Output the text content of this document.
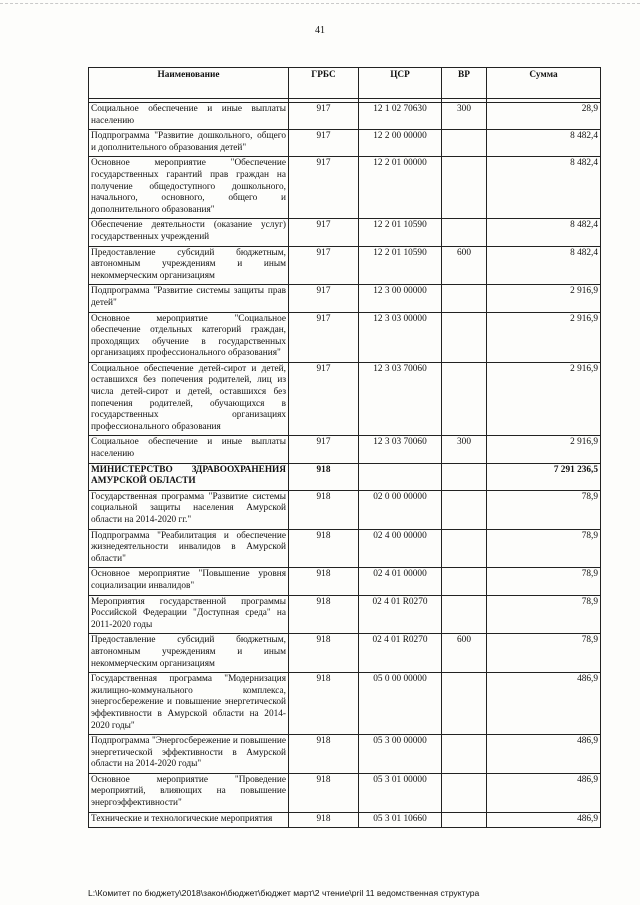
41
Наименование	ГРБС	ЦСР	ВР	Сумма

Социальное обеспечение и иные выплаты населению	917	12 1 02 70630	300	28,9
Подпрограмма "Развитие дошкольного, общего и дополнительного образования детей"	917	12 2 00 00000		8 482,4
Основное мероприятие "Обеспечение государственных гарантий прав граждан на получение общедоступного дошкольного, начального, основного, общего и дополнительного образования"	917	12 2 01 00000		8 482,4
Обеспечение деятельности (оказание услуг) государственных учреждений	917	12 2 01 10590		8 482,4
Предоставление субсидий бюджетным, автономным учреждениям и иным некоммерческим организациям	917	12 2 01 10590	600	8 482,4
Подпрограмма "Развитие системы защиты прав детей"	917	12 3 00 00000		2 916,9
Основное мероприятие "Социальное обеспечение отдельных категорий граждан, проходящих обучение в государственных организациях профессионального образования"	917	12 3 03 00000		2 916,9
Социальное обеспечение детей-сирот и детей, оставшихся без попечения родителей, лиц из числа детей-сирот и детей, оставшихся без попечения родителей, обучающихся в государственных организациях профессионального образования	917	12 3 03 70060		2 916,9
Социальное обеспечение и иные выплаты населению	917	12 3 03 70060	300	2 916,9
МИНИСТЕРСТВО ЗДРАВООХРАНЕНИЯ АМУРСКОЙ ОБЛАСТИ	918			7 291 236,5
Государственная программа "Развитие системы социальной защиты населения Амурской области на 2014-2020 гг."	918	02 0 00 00000		78,9
Подпрограмма "Реабилитация и обеспечение жизнедеятельности инвалидов в Амурской области"	918	02 4 00 00000		78,9
Основное мероприятие "Повышение уровня социализации инвалидов"	918	02 4 01 00000		78,9
Мероприятия государственной программы Российской Федерации "Доступная среда" на 2011-2020 годы	918	02 4 01 R0270		78,9
Предоставление субсидий бюджетным, автономным учреждениям и иным некоммерческим организациям	918	02 4 01 R0270	600	78,9
Государственная программа "Модернизация жилищно-коммунального комплекса, энергосбережение и повышение энергетической эффективности в Амурской области на 2014-2020 годы"	918	05 0 00 00000		486,9
Подпрограмма "Энергосбережение и повышение энергетической эффективности в Амурской области на 2014-2020 годы"	918	05 3 00 00000		486,9
Основное мероприятие "Проведение мероприятий, влияющих на повышение энергоэффективности"	918	05 3 01 00000		486,9
Технические и технологические мероприятия	918	05 3 01 10660		486,9
L:\Комитет по бюджету\2018\закон\бюджет\бюджет март\2 чтение\pril 11 ведомственная структура
